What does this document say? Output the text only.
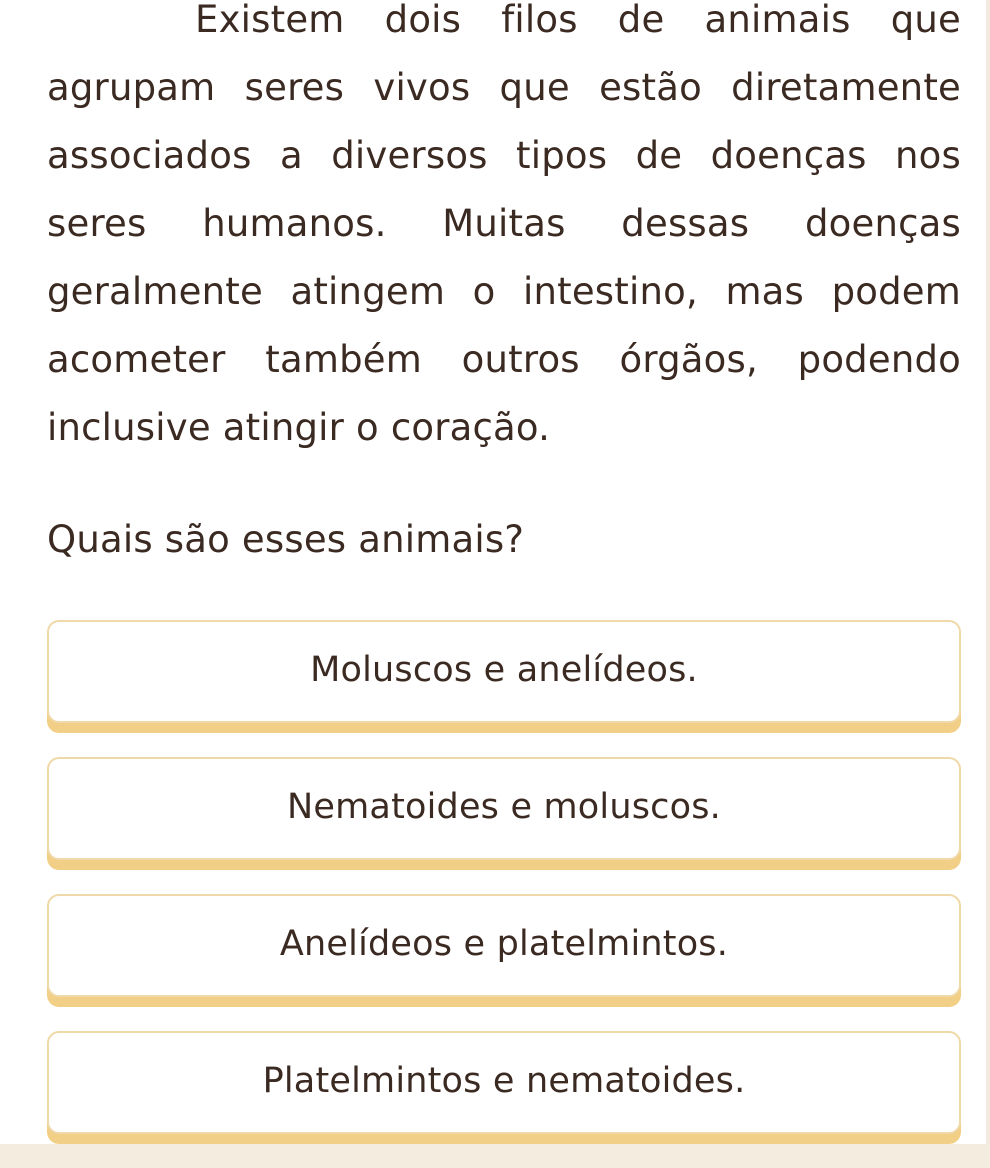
Existem dois filos de animais que agrupam seres vivos que estão diretamente associados a diversos tipos de doenças nos seres humanos. Muitas dessas doenças geralmente atingem o intestino, mas podem acometer também outros órgãos, podendo inclusive atingir o coração.

Quais são esses animais?

Moluscos e anelídeos.
Nematoides e moluscos.
Anelídeos e platelmintos.
Platelmintos e nematoides.
